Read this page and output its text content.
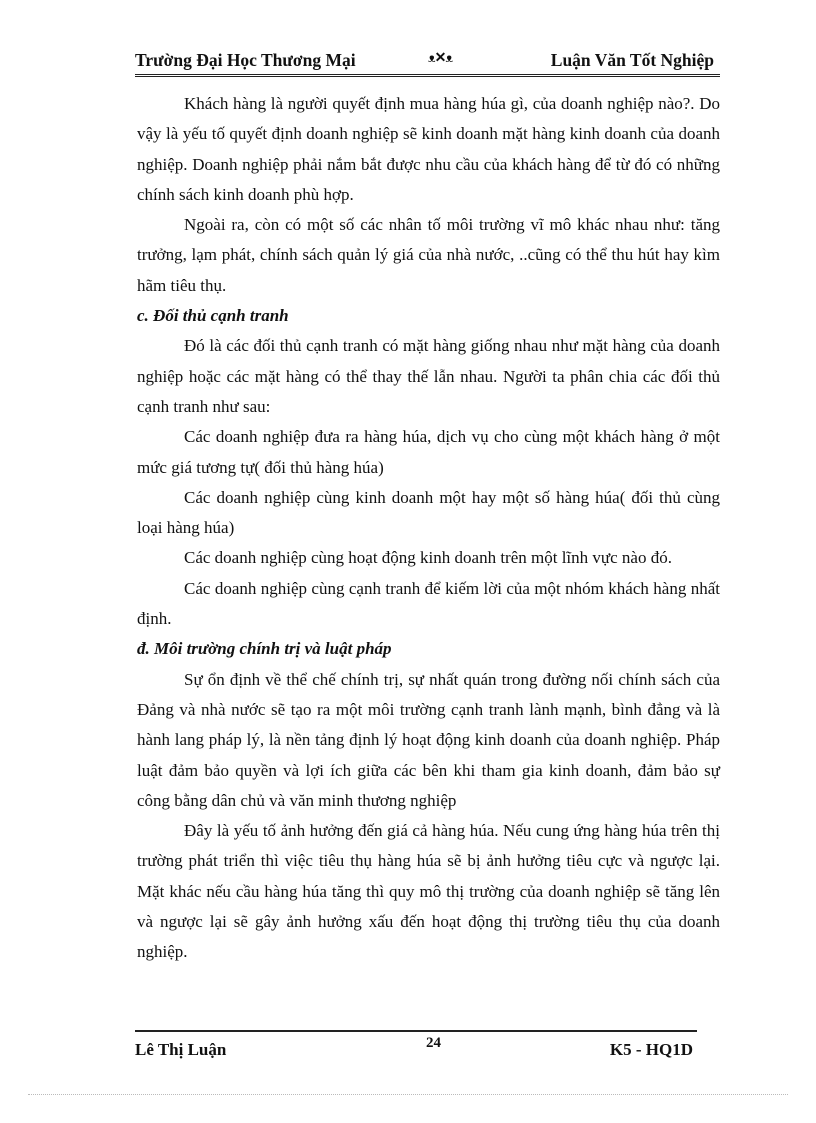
Trường Đại Học Thương Mại	ᴥ✕ᴥ	Luận Văn Tốt Nghiệp

Khách hàng là người quyết định mua hàng húa gì, của doanh nghiệp nào?. Do vậy là yếu tố quyết định doanh nghiệp sẽ kinh doanh mặt hàng kinh doanh của doanh nghiệp. Doanh nghiệp phải nắm bắt được nhu cầu của khách hàng để từ đó có những chính sách kinh doanh phù hợp.

Ngoài ra, còn có một số các nhân tố môi trường vĩ mô khác nhau như: tăng trưởng, lạm phát, chính sách quản lý giá của nhà nước, ..cũng có thể thu hút hay kìm hãm tiêu thụ.

c. Đối thủ cạnh tranh

Đó là các đối thủ cạnh tranh có mặt hàng giống nhau như mặt hàng của doanh nghiệp hoặc các mặt hàng có thể thay thế lẫn nhau. Người ta phân chia các đối thủ cạnh tranh như sau:

Các doanh nghiệp đưa ra hàng húa, dịch vụ cho cùng một khách hàng ở một mức giá tương tự( đối thủ hàng húa)

Các doanh nghiệp cùng kinh doanh một hay một số hàng húa( đối thủ cùng loại hàng húa)

Các doanh nghiệp cùng hoạt động kinh doanh trên một lĩnh vực nào đó.

Các doanh nghiệp cùng cạnh tranh để kiếm lời của một nhóm khách hàng nhất định.

đ. Môi trường chính trị và luật pháp

Sự ổn định về thể chế chính trị, sự nhất quán trong đường nối chính sách của Đảng và nhà nước sẽ tạo ra một môi trường cạnh tranh lành mạnh, bình đẳng và là hành lang pháp lý, là nền tảng định lý hoạt động kinh doanh của doanh nghiệp. Pháp luật đảm bảo quyền và lợi ích giữa các bên khi tham gia kinh doanh, đảm bảo sự công bằng dân chủ và văn minh thương nghiệp

Đây là yếu tố ảnh hưởng đến giá cả hàng húa. Nếu cung ứng hàng húa trên thị trường phát triển thì việc tiêu thụ hàng húa sẽ bị ảnh hưởng tiêu cực và ngược lại. Mặt khác nếu cầu hàng húa tăng thì quy mô thị trường của doanh nghiệp sẽ tăng lên và ngược lại sẽ gây ảnh hưởng xấu đến hoạt động thị trường tiêu thụ của doanh nghiệp.

Lê Thị Luận	24	K5 - HQ1D
